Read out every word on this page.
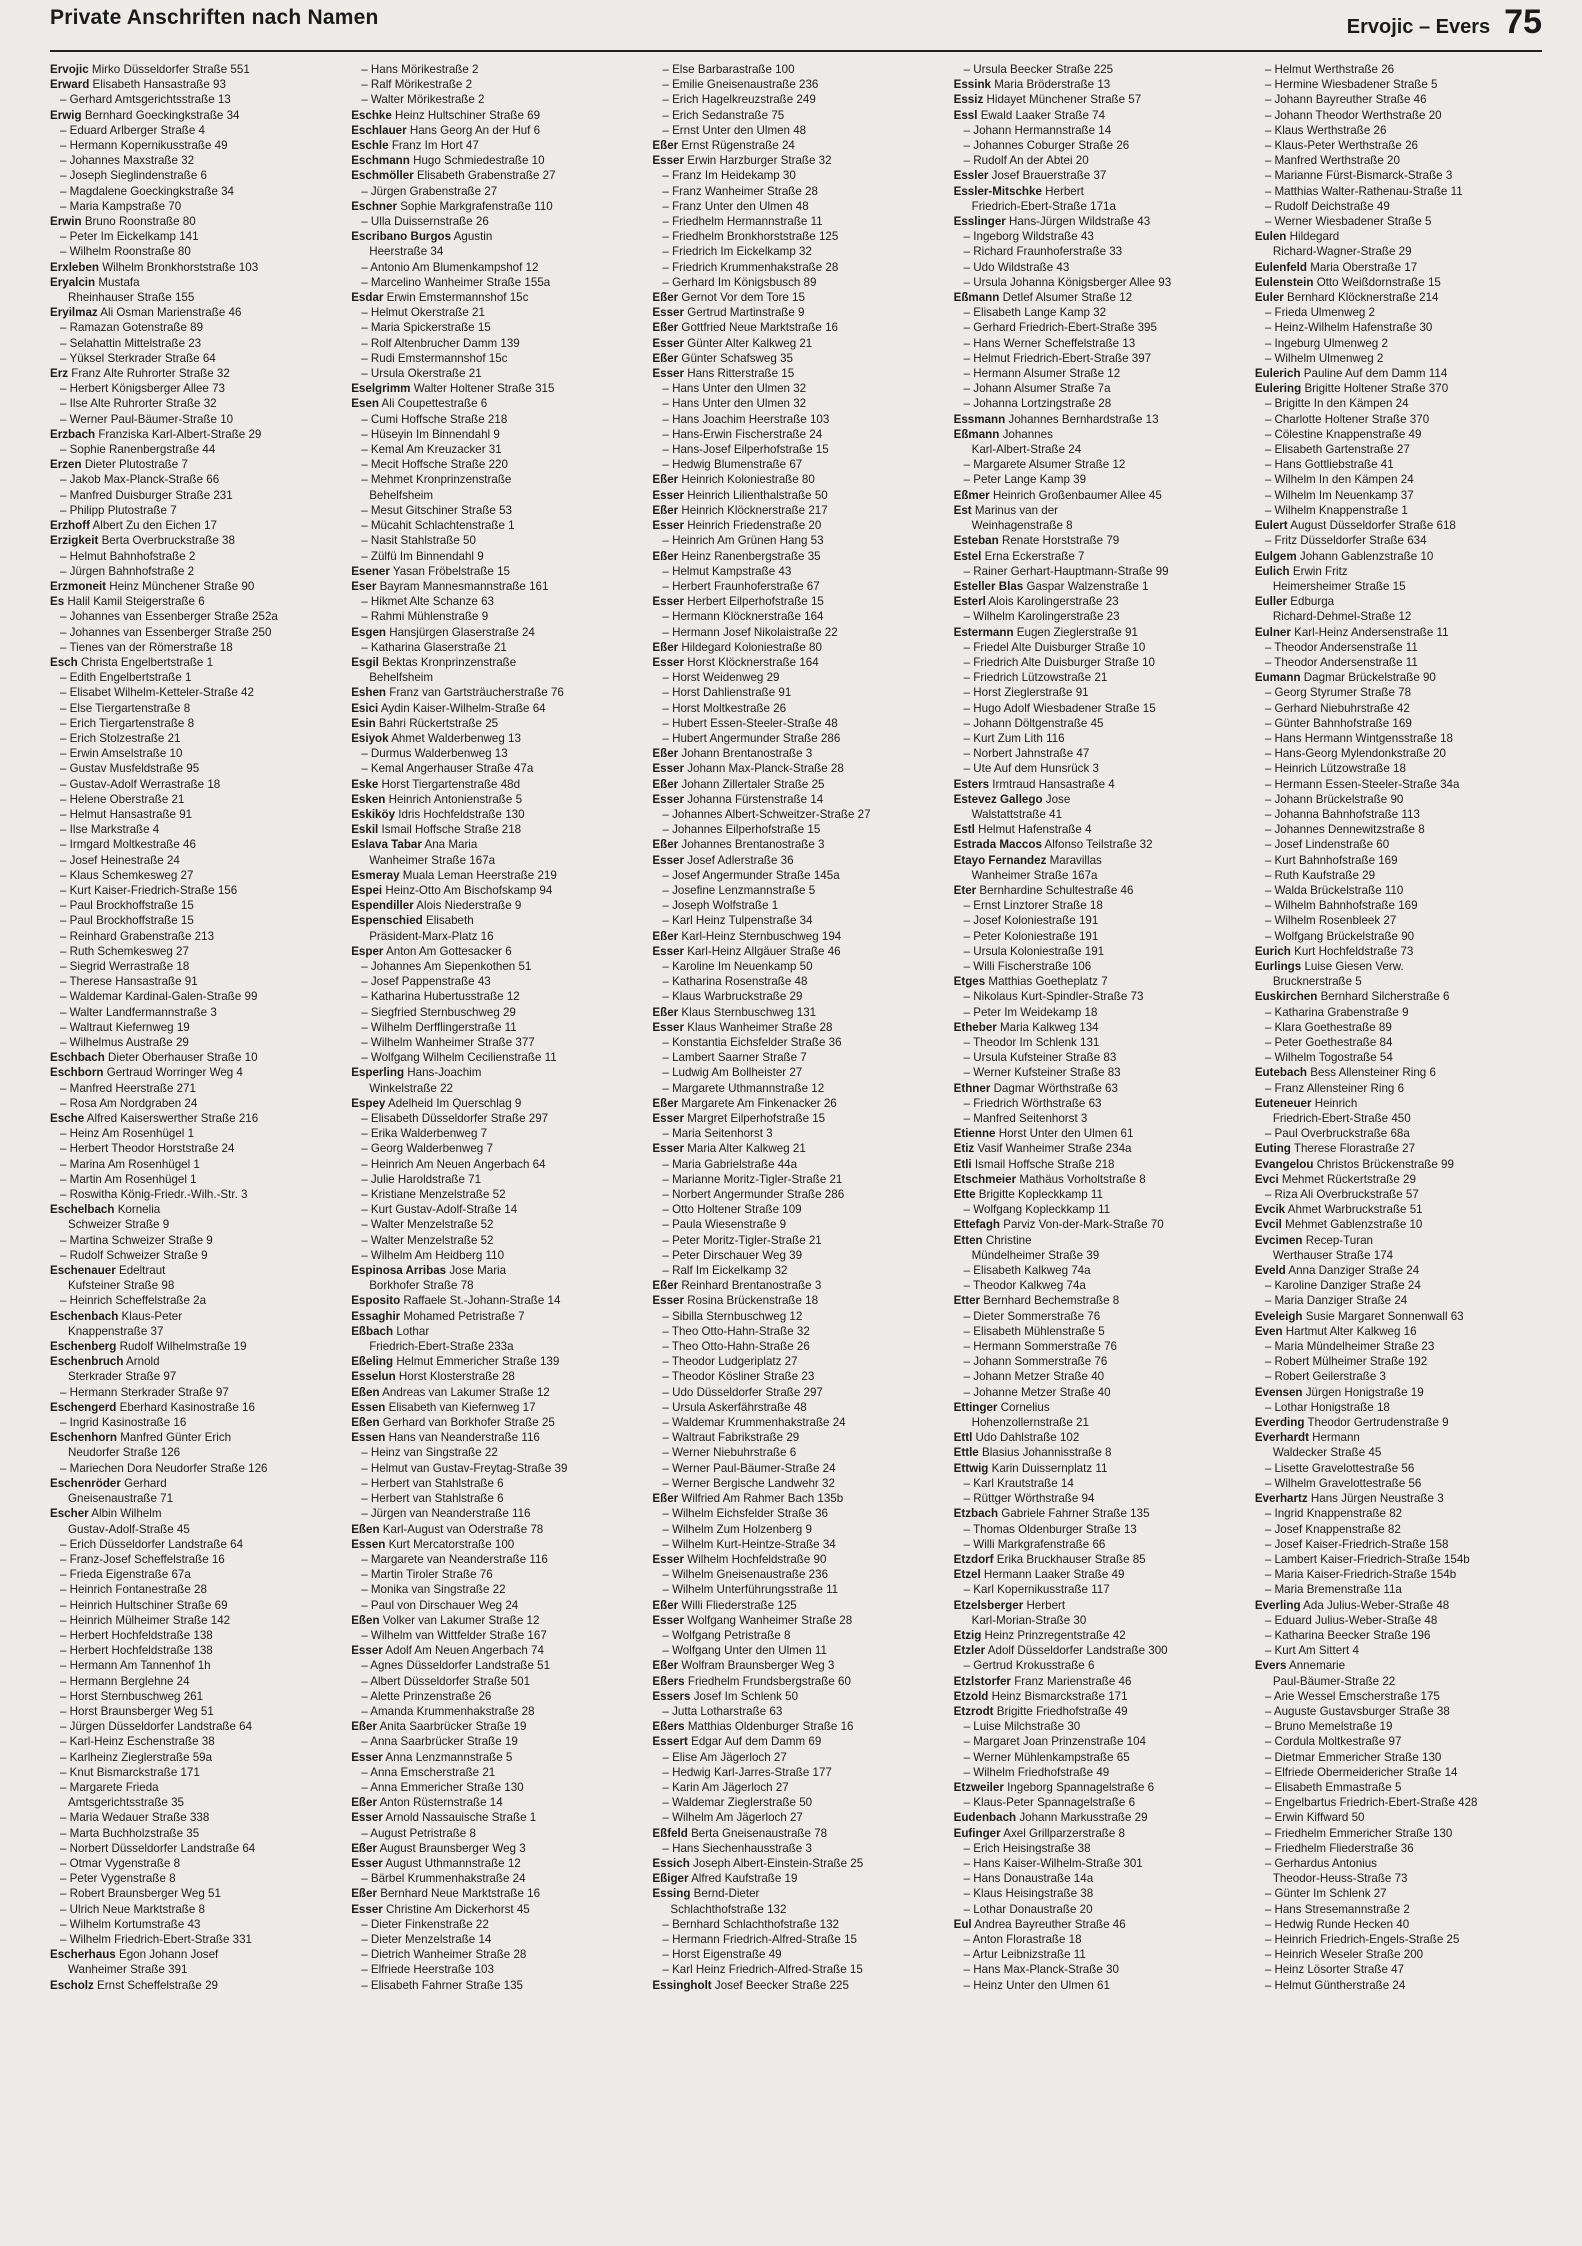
Private Anschriften nach Namen	Ervojic – Evers 75
Ervojic Mirko Düsseldorfer Straße 551
Erward Elisabeth Hansastraße 93
– Gerhard Amtsgerichtsstraße 13
Erwig Bernhard Goeckingkstraße 34
– Eduard Arlberger Straße 4
– Hermann Kopernikusstraße 49
– Johannes Maxstraße 32
– Joseph Sieglindenstraße 6
– Magdalene Goeckingkstraße 34
– Maria Kampstraße 70
Erwin Bruno Roonstraße 80
– Peter Im Eickelkamp 141
– Wilhelm Roonstraße 80
Erxleben Wilhelm Bronkhorststraße 103
Eryalcin Mustafa
Rheinhauser Straße 155
Eryilmaz Ali Osman Marienstraße 46
– Ramazan Gotenstraße 89
– Selahattin Mittelstraße 23
– Yüksel Sterkrader Straße 64
Erz Franz Alte Ruhrorter Straße 32
– Herbert Königsberger Allee 73
– Ilse Alte Ruhrorter Straße 32
– Werner Paul-Bäumer-Straße 10
Erzbach Franziska Karl-Albert-Straße 29
– Sophie Ranenbergstraße 44
Erzen Dieter Plutostraße 7
– Jakob Max-Planck-Straße 66
– Manfred Duisburger Straße 231
– Philipp Plutostraße 7
Erzhoff Albert Zu den Eichen 17
Erzigkeit Berta Overbruckstraße 38
– Helmut Bahnhofstraße 2
– Jürgen Bahnhofstraße 2
Erzmoneit Heinz Münchener Straße 90
Es Halil Kamil Steigerstraße 6
– Johannes van Essenberger Straße 252a
– Johannes van Essenberger Straße 250
– Tienes van der Römerstraße 18
Esch Christa Engelbertstraße 1
– Edith Engelbertstraße 1
– Elisabet Wilhelm-Ketteler-Straße 42
– Else Tiergartenstraße 8
– Erich Tiergartenstraße 8
– Erich Stolzestraße 21
– Erwin Amselstraße 10
– Gustav Musfeldstraße 95
– Gustav-Adolf Werrastraße 18
– Helene Oberstraße 21
– Helmut Hansastraße 91
– Ilse Markstraße 4
– Irmgard Moltkestraße 46
– Josef Heinestraße 24
– Klaus Schemkesweg 27
– Kurt Kaiser-Friedrich-Straße 156
– Paul Brockhoffstraße 15
– Paul Brockhoffstraße 15
– Reinhard Grabenstraße 213
– Ruth Schemkesweg 27
– Siegrid Werrastraße 18
– Therese Hansastraße 91
– Waldemar Kardinal-Galen-Straße 99
– Walter Landfermannstraße 3
– Waltraut Kiefernweg 19
– Wilhelmus Austraße 29
Eschbach Dieter Oberhauser Straße 10
Eschborn Gertraud Worringer Weg 4
– Manfred Heerstraße 271
– Rosa Am Nordgraben 24
Esche Alfred Kaiserswerther Straße 216
– Heinz Am Rosenhügel 1
– Herbert Theodor Horststraße 24
– Marina Am Rosenhügel 1
– Martin Am Rosenhügel 1
– Roswitha König-Friedr.-Wilh.-Str. 3
Eschelbach Kornelia
Schweizer Straße 9
– Martina Schweizer Straße 9
– Rudolf Schweizer Straße 9
Eschenauer Edeltraut
Kufsteiner Straße 98
– Heinrich Scheffelstraße 2a
Eschenbach Klaus-Peter
Knappenstraße 37
Eschenberg Rudolf Wilhelmstraße 19
Eschenbruch Arnold
Sterkrader Straße 97
– Hermann Sterkrader Straße 97
Eschengerd Eberhard Kasinostraße 16
– Ingrid Kasinostraße 16
Eschenhorn Manfred Günter Erich
Neudorfer Straße 126
– Mariechen Dora Neudorfer Straße 126
Eschenröder Gerhard
Gneisenaustraße 71
Escher Albin Wilhelm
Gustav-Adolf-Straße 45
– Erich Düsseldorfer Landstraße 64
– Franz-Josef Scheffelstraße 16
– Frieda Eigenstraße 67a
– Heinrich Fontanestraße 28
– Heinrich Hultschiner Straße 69
– Heinrich Mülheimer Straße 142
– Herbert Hochfeldstraße 138
– Herbert Hochfeldstraße 138
– Hermann Am Tannenhof 1h
– Hermann Berglehne 24
– Horst Sternbuschweg 261
– Horst Braunsberger Weg 51
– Jürgen Düsseldorfer Landstraße 64
– Karl-Heinz Eschenstraße 38
– Karlheinz Zieglerstraße 59a
– Knut Bismarckstraße 171
– Margarete Frieda
Amtsgerichtsstraße 35
– Maria Wedauer Straße 338
– Marta Buchholzstraße 35
– Norbert Düsseldorfer Landstraße 64
– Otmar Vygenstraße 8
– Peter Vygenstraße 8
– Robert Braunsberger Weg 51
– Ulrich Neue Marktstraße 8
– Wilhelm Kortumstraße 43
– Wilhelm Friedrich-Ebert-Straße 331
Escherhaus Egon Johann Josef
Wanheimer Straße 391
Escholz Ernst Scheffelstraße 29
– Hans Mörikestraße 2
– Ralf Mörikestraße 2
– Walter Mörikestraße 2
Eschke Heinz Hultschiner Straße 69
Eschlauer Hans Georg An der Huf 6
Eschle Franz Im Hort 47
Eschmann Hugo Schmiedestraße 10
Eschmöller Elisabeth Grabenstraße 27
– Jürgen Grabenstraße 27
Eschner Sophie Markgrafenstraße 110
– Ulla Duissernstraße 26
Escribano Burgos Agustin
Heerstraße 34
– Antonio Am Blumenkampshof 12
– Marcelino Wanheimer Straße 155a
Esdar Erwin Emstermannshof 15c
– Helmut Okerstraße 21
– Maria Spickerstraße 15
– Rolf Altenbrucher Damm 139
– Rudi Emstermannshof 15c
– Ursula Okerstraße 21
Eselgrimm Walter Holtener Straße 315
Esen Ali Coupettestraße 6
– Cumi Hoffsche Straße 218
– Hüseyin Im Binnendahl 9
– Kemal Am Kreuzacker 31
– Mecit Hoffsche Straße 220
– Mehmet Kronprinzenstraße
Behelfsheim
– Mesut Gitschiner Straße 53
– Mücahit Schlachtenstraße 1
– Nasit Stahlstraße 50
– Zülfü Im Binnendahl 9
Esener Yasan Fröbelstraße 15
Eser Bayram Mannesmannstraße 161
– Hikmet Alte Schanze 63
– Rahmi Mühlenstraße 9
Esgen Hansjürgen Glaserstraße 24
– Katharina Glaserstraße 21
Esgil Bektas Kronprinzenstraße
Behelfsheim
Eshen Franz van Gartsträucherstraße 76
Esici Aydin Kaiser-Wilhelm-Straße 64
Esin Bahri Rückertstraße 25
Esiyok Ahmet Walderbenweg 13
– Durmus Walderbenweg 13
– Kemal Angerhauser Straße 47a
Eske Horst Tiergartenstraße 48d
Esken Heinrich Antonienstraße 5
Eskiköy Idris Hochfeldstraße 130
Eskil Ismail Hoffsche Straße 218
Eslava Tabar Ana Maria
Wanheimer Straße 167a
Esmeray Muala Leman Heerstraße 219
Espei Heinz-Otto Am Bischofskamp 94
Espendiller Alois Niederstraße 9
Espenschied Elisabeth
Präsident-Marx-Platz 16
Esper Anton Am Gottesacker 6
– Johannes Am Siepenkothen 51
– Josef Pappenstraße 43
– Katharina Hubertusstraße 12
– Siegfried Sternbuschweg 29
– Wilhelm Derfflingerstraße 11
– Wilhelm Wanheimer Straße 377
– Wolfgang Wilhelm Cecilienstraße 11
Esperling Hans-Joachim
Winkelstraße 22
Espey Adelheid Im Querschlag 9
– Elisabeth Düsseldorfer Straße 297
– Erika Walderbenweg 7
– Georg Walderbenweg 7
– Heinrich Am Neuen Angerbach 64
– Julie Haroldstraße 71
– Kristiane Menzelstraße 52
– Kurt Gustav-Adolf-Straße 14
– Walter Menzelstraße 52
– Walter Menzelstraße 52
– Wilhelm Am Heidberg 110
Espinosa Arribas Jose Maria
Borkhofer Straße 78
Esposito Raffaele St.-Johann-Straße 14
Essaghir Mohamed Petristraße 7
Eßbach Lothar
Friedrich-Ebert-Straße 233a
Eßeling Helmut Emmericher Straße 139
Esselun Horst Klosterstraße 28
Eßen Andreas van Lakumer Straße 12
Essen Elisabeth van Kiefernweg 17
Eßen Gerhard van Borkhofer Straße 25
Essen Hans van Neanderstraße 116
– Heinz van Singstraße 22
– Helmut van Gustav-Freytag-Straße 39
– Herbert van Stahlstraße 6
– Herbert van Stahlstraße 6
– Jürgen van Neanderstraße 116
Eßen Karl-August van Oderstraße 78
Essen Kurt Mercatorstraße 100
– Margarete van Neanderstraße 116
– Martin Tiroler Straße 76
– Monika van Singstraße 22
– Paul von Dirschauer Weg 24
Eßen Volker van Lakumer Straße 12
– Wilhelm van Wittfelder Straße 167
Esser Adolf Am Neuen Angerbach 74
– Agnes Düsseldorfer Landstraße 51
– Albert Düsseldorfer Straße 501
– Alette Prinzenstraße 26
– Amanda Krummenhakstraße 28
Eßer Anita Saarbrücker Straße 19
– Anna Saarbrücker Straße 19
Esser Anna Lenzmannstraße 5
– Anna Emscherstraße 21
– Anna Emmericher Straße 130
Eßer Anton Rüsternstraße 14
Esser Arnold Nassauische Straße 1
– August Petristraße 8
Eßer August Braunsberger Weg 3
Esser August Uthmannstraße 12
– Bärbel Krummenhakstraße 24
Eßer Bernhard Neue Marktstraße 16
Esser Christine Am Dickerhorst 45
– Dieter Finkenstraße 22
– Dieter Menzelstraße 14
– Dietrich Wanheimer Straße 28
– Elfriede Heerstraße 103
– Elisabeth Fahrner Straße 135
– Else Barbarastraße 100
– Emilie Gneisenaustraße 236
– Erich Hagelkreuzstraße 249
– Erich Sedanstraße 75
– Ernst Unter den Ulmen 48
Eßer Ernst Rügenstraße 24
Esser Erwin Harzburger Straße 32
– Franz Im Heidekamp 30
– Franz Wanheimer Straße 28
– Franz Unter den Ulmen 48
– Friedhelm Hermannstraße 11
– Friedhelm Bronkhorststraße 125
– Friedrich Im Eickelkamp 32
– Friedrich Krummenhakstraße 28
– Gerhard Im Königsbusch 89
Eßer Gernot Vor dem Tore 15
Esser Gertrud Martinstraße 9
Eßer Gottfried Neue Marktstraße 16
Esser Günter Alter Kalkweg 21
Eßer Günter Schafsweg 35
Esser Hans Ritterstraße 15
– Hans Unter den Ulmen 32
– Hans Unter den Ulmen 32
– Hans Joachim Heerstraße 103
– Hans-Erwin Fischerstraße 24
– Hans-Josef Eilperhofstraße 15
– Hedwig Blumenstraße 67
Eßer Heinrich Koloniestraße 80
Esser Heinrich Lilienthalstraße 50
Eßer Heinrich Klöcknerstraße 217
Esser Heinrich Friedenstraße 20
– Heinrich Am Grünen Hang 53
Eßer Heinz Ranenbergstraße 35
– Helmut Kampstraße 43
– Herbert Fraunhoferstraße 67
Esser Herbert Eilperhofstraße 15
– Hermann Klöcknerstraße 164
– Hermann Josef Nikolaistraße 22
Eßer Hildegard Koloniestraße 80
Esser Horst Klöcknerstraße 164
– Horst Weidenweg 29
– Horst Dahlienstraße 91
– Horst Moltkestraße 26
– Hubert Essen-Steeler-Straße 48
– Hubert Angermunder Straße 286
Eßer Johann Brentanostraße 3
Esser Johann Max-Planck-Straße 28
Eßer Johann Zillertaler Straße 25
Esser Johanna Fürstenstraße 14
– Johannes Albert-Schweitzer-Straße 27
– Johannes Eilperhofstraße 15
Eßer Johannes Brentanostraße 3
Esser Josef Adlerstraße 36
– Josef Angermunder Straße 145a
– Josefine Lenzmannstraße 5
– Joseph Wolfstraße 1
– Karl Heinz Tulpenstraße 34
Eßer Karl-Heinz Sternbuschweg 194
Esser Karl-Heinz Allgäuer Straße 46
– Karoline Im Neuenkamp 50
– Katharina Rosenstraße 48
– Klaus Warbruckstraße 29
Eßer Klaus Sternbuschweg 131
Esser Klaus Wanheimer Straße 28
– Konstantia Eichsfelder Straße 36
– Lambert Saarner Straße 7
– Ludwig Am Bollheister 27
– Margarete Uthmannstraße 12
Eßer Margarete Am Finkenacker 26
Esser Margret Eilperhofstraße 15
– Maria Seitenhorst 3
Esser Maria Alter Kalkweg 21
– Maria Gabrielstraße 44a
– Marianne Moritz-Tigler-Straße 21
– Norbert Angermunder Straße 286
– Otto Holtener Straße 109
– Paula Wiesenstraße 9
– Peter Moritz-Tigler-Straße 21
– Peter Dirschauer Weg 39
– Ralf Im Eickelkamp 32
Eßer Reinhard Brentanostraße 3
Esser Rosina Brückenstraße 18
– Sibilla Sternbuschweg 12
– Theo Otto-Hahn-Straße 32
– Theo Otto-Hahn-Straße 26
– Theodor Ludgeriplatz 27
– Theodor Kösliner Straße 23
– Udo Düsseldorfer Straße 297
– Ursula Askerfährstraße 48
– Waldemar Krummenhakstraße 24
– Waltraut Fabrikstraße 29
– Werner Niebuhrstraße 6
– Werner Paul-Bäumer-Straße 24
– Werner Bergische Landwehr 32
Eßer Wilfried Am Rahmer Bach 135b
– Wilhelm Eichsfelder Straße 36
– Wilhelm Zum Holzenberg 9
– Wilhelm Kurt-Heintze-Straße 34
Esser Wilhelm Hochfeldstraße 90
– Wilhelm Gneisenaustraße 236
– Wilhelm Unterführungsstraße 11
Eßer Willi Fliederstraße 125
Esser Wolfgang Wanheimer Straße 28
– Wolfgang Petristraße 8
– Wolfgang Unter den Ulmen 11
Eßer Wolfram Braunsberger Weg 3
Eßers Friedhelm Frundsbergstraße 60
Essers Josef Im Schlenk 50
– Jutta Lotharstraße 63
Eßers Matthias Oldenburger Straße 16
Essert Edgar Auf dem Damm 69
– Elise Am Jägerloch 27
– Hedwig Karl-Jarres-Straße 177
– Karin Am Jägerloch 27
– Waldemar Zieglerstraße 50
– Wilhelm Am Jägerloch 27
Eßfeld Berta Gneisenaustraße 78
– Hans Siechenhausstraße 3
Essich Joseph Albert-Einstein-Straße 25
Eßiger Alfred Kaufstraße 19
Essing Bernd-Dieter
Schlachthofstraße 132
– Bernhard Schlachthofstraße 132
– Hermann Friedrich-Alfred-Straße 15
– Horst Eigenstraße 49
– Karl Heinz Friedrich-Alfred-Straße 15
Essingholt Josef Beecker Straße 225
– Ursula Beecker Straße 225
Essink Maria Bröderstraße 13
Essiz Hidayet Münchener Straße 57
Essl Ewald Laaker Straße 74
– Johann Hermannstraße 14
– Johannes Coburger Straße 26
– Rudolf An der Abtei 20
Essler Josef Brauerstraße 37
Essler-Mitschke Herbert
Friedrich-Ebert-Straße 171a
Esslinger Hans-Jürgen Wildstraße 43
– Ingeborg Wildstraße 43
– Richard Fraunhoferstraße 33
– Udo Wildstraße 43
– Ursula Johanna Königsberger Allee 93
Eßmann Detlef Alsumer Straße 12
– Elisabeth Lange Kamp 32
– Gerhard Friedrich-Ebert-Straße 395
– Hans Werner Scheffelstraße 13
– Helmut Friedrich-Ebert-Straße 397
– Hermann Alsumer Straße 12
– Johann Alsumer Straße 7a
– Johanna Lortzingstraße 28
Essmann Johannes Bernhardstraße 13
Eßmann Johannes
Karl-Albert-Straße 24
– Margarete Alsumer Straße 12
– Peter Lange Kamp 39
Eßmer Heinrich Großenbaumer Allee 45
Est Marinus van der
Weinhagenstraße 8
Esteban Renate Horststraße 79
Estel Erna Eckerstraße 7
– Rainer Gerhart-Hauptmann-Straße 99
Esteller Blas Gaspar Walzenstraße 1
Esterl Alois Karolingerstraße 23
– Wilhelm Karolingerstraße 23
Estermann Eugen Zieglerstraße 91
– Friedel Alte Duisburger Straße 10
– Friedrich Alte Duisburger Straße 10
– Friedrich Lützowstraße 21
– Horst Zieglerstraße 91
– Hugo Adolf Wiesbadener Straße 15
– Johann Döltgenstraße 45
– Kurt Zum Lith 116
– Norbert Jahnstraße 47
– Ute Auf dem Hunsrück 3
Esters Irmtraud Hansastraße 4
Estevez Gallego Jose
Walstattstraße 41
Estl Helmut Hafenstraße 4
Estrada Maccos Alfonso Teilstraße 32
Etayo Fernandez Maravillas
Wanheimer Straße 167a
Eter Bernhardine Schultestraße 46
– Ernst Linztorer Straße 18
– Josef Koloniestraße 191
– Peter Koloniestraße 191
– Ursula Koloniestraße 191
– Willi Fischerstraße 106
Etges Matthias Goetheplatz 7
– Nikolaus Kurt-Spindler-Straße 73
– Peter Im Weidekamp 18
Etheber Maria Kalkweg 134
– Theodor Im Schlenk 131
– Ursula Kufsteiner Straße 83
– Werner Kufsteiner Straße 83
Ethner Dagmar Wörthstraße 63
– Friedrich Wörthstraße 63
– Manfred Seitenhorst 3
Etienne Horst Unter den Ulmen 61
Etiz Vasif Wanheimer Straße 234a
Etli Ismail Hoffsche Straße 218
Etschmeier Mathäus Vorholtstraße 8
Ette Brigitte Kopleckkamp 11
– Wolfgang Kopleckkamp 11
Ettefagh Parviz Von-der-Mark-Straße 70
Etten Christine
Mündelheimer Straße 39
– Elisabeth Kalkweg 74a
– Theodor Kalkweg 74a
Etter Bernhard Bechemstraße 8
– Dieter Sommerstraße 76
– Elisabeth Mühlenstraße 5
– Hermann Sommerstraße 76
– Johann Sommerstraße 76
– Johann Metzer Straße 40
– Johanne Metzer Straße 40
Ettinger Cornelius
Hohenzollernstraße 21
Ettl Udo Dahlstraße 102
Ettle Blasius Johannisstraße 8
Ettwig Karin Duissernplatz 11
– Karl Krautstraße 14
– Rüttger Wörthstraße 94
Etzbach Gabriele Fahrner Straße 135
– Thomas Oldenburger Straße 13
– Willi Markgrafenstraße 66
Etzdorf Erika Bruckhauser Straße 85
Etzel Hermann Laaker Straße 49
– Karl Kopernikusstraße 117
Etzelsberger Herbert
Karl-Morian-Straße 30
Etzig Heinz Prinzregentstraße 42
Etzler Adolf Düsseldorfer Landstraße 300
– Gertrud Krokusstraße 6
Etzlstorfer Franz Marienstraße 46
Etzold Heinz Bismarckstraße 171
Etzrodt Brigitte Friedhofstraße 49
– Luise Milchstraße 30
– Margaret Joan Prinzenstraße 104
– Werner Mühlenkampstraße 65
– Wilhelm Friedhofstraße 49
Etzweiler Ingeborg Spannagelstraße 6
– Klaus-Peter Spannagelstraße 6
Eudenbach Johann Markusstraße 29
Eufinger Axel Grillparzerstraße 8
– Erich Heisingstraße 38
– Hans Kaiser-Wilhelm-Straße 301
– Hans Donaustraße 14a
– Klaus Heisingstraße 38
– Lothar Donaustraße 20
Eul Andrea Bayreuther Straße 46
– Anton Florastraße 18
– Artur Leibnizstraße 11
– Hans Max-Planck-Straße 30
– Heinz Unter den Ulmen 61
– Helmut Werthstraße 26
– Hermine Wiesbadener Straße 5
– Johann Bayreuther Straße 46
– Johann Theodor Werthstraße 20
– Klaus Werthstraße 26
– Klaus-Peter Werthstraße 26
– Manfred Werthstraße 20
– Marianne Fürst-Bismarck-Straße 3
– Matthias Walter-Rathenau-Straße 11
– Rudolf Deichstraße 49
– Werner Wiesbadener Straße 5
Eulen Hildegard
Richard-Wagner-Straße 29
Eulenfeld Maria Oberstraße 17
Eulenstein Otto Weißdornstraße 15
Euler Bernhard Klöcknerstraße 214
– Frieda Ulmenweg 2
– Heinz-Wilhelm Hafenstraße 30
– Ingeburg Ulmenweg 2
– Wilhelm Ulmenweg 2
Eulerich Pauline Auf dem Damm 114
Eulering Brigitte Holtener Straße 370
– Brigitte In den Kämpen 24
– Charlotte Holtener Straße 370
– Cölestine Knappenstraße 49
– Elisabeth Gartenstraße 27
– Hans Gottliebstraße 41
– Wilhelm In den Kämpen 24
– Wilhelm Im Neuenkamp 37
– Wilhelm Knappenstraße 1
Eulert August Düsseldorfer Straße 618
– Fritz Düsseldorfer Straße 634
Eulgem Johann Gablenzstraße 10
Eulich Erwin Fritz
Heimersheimer Straße 15
Euller Edburga
Richard-Dehmel-Straße 12
Eulner Karl-Heinz Andersenstraße 11
– Theodor Andersenstraße 11
– Theodor Andersenstraße 11
Eumann Dagmar Brückelstraße 90
– Georg Styrumer Straße 78
– Gerhard Niebuhrstraße 42
– Günter Bahnhofstraße 169
– Hans Hermann Wintgensstraße 18
– Hans-Georg Mylendonkstraße 20
– Heinrich Lützowstraße 18
– Hermann Essen-Steeler-Straße 34a
– Johann Brückelstraße 90
– Johanna Bahnhofstraße 113
– Johannes Dennewitzstraße 8
– Josef Lindenstraße 60
– Kurt Bahnhofstraße 169
– Ruth Kaufstraße 29
– Walda Brückelstraße 110
– Wilhelm Bahnhofstraße 169
– Wilhelm Rosenbleek 27
– Wolfgang Brückelstraße 90
Eurich Kurt Hochfeldstraße 73
Eurlings Luise Giesen Verw.
Brucknerstraße 5
Euskirchen Bernhard Silcherstraße 6
– Katharina Grabenstraße 9
– Klara Goethestraße 89
– Peter Goethestraße 84
– Wilhelm Togostraße 54
Eutebach Bess Allensteiner Ring 6
– Franz Allensteiner Ring 6
Euteneuer Heinrich
Friedrich-Ebert-Straße 450
– Paul Overbruckstraße 68a
Euting Therese Florastraße 27
Evangelou Christos Brückenstraße 99
Evci Mehmet Rückertstraße 29
– Riza Ali Overbruckstraße 57
Evcik Ahmet Warbruckstraße 51
Evcil Mehmet Gablenzstraße 10
Evcimen Recep-Turan
Werthauser Straße 174
Eveld Anna Danziger Straße 24
– Karoline Danziger Straße 24
– Maria Danziger Straße 24
Eveleigh Susie Margaret Sonnenwall 63
Even Hartmut Alter Kalkweg 16
– Maria Mündelheimer Straße 23
– Robert Mülheimer Straße 192
– Robert Geilerstraße 3
Evensen Jürgen Honigstraße 19
– Lothar Honigstraße 18
Everding Theodor Gertrudenstraße 9
Everhardt Hermann
Waldecker Straße 45
– Lisette Gravelottestraße 56
– Wilhelm Gravelottestraße 56
Everhartz Hans Jürgen Neustraße 3
– Ingrid Knappenstraße 82
– Josef Knappenstraße 82
– Josef Kaiser-Friedrich-Straße 158
– Lambert Kaiser-Friedrich-Straße 154b
– Maria Kaiser-Friedrich-Straße 154b
– Maria Bremenstraße 11a
Everling Ada Julius-Weber-Straße 48
– Eduard Julius-Weber-Straße 48
– Katharina Beecker Straße 196
– Kurt Am Sittert 4
Evers Annemarie
Paul-Bäumer-Straße 22
– Arie Wessel Emscherstraße 175
– Auguste Gustavsburger Straße 38
– Bruno Memelstraße 19
– Cordula Moltkestraße 97
– Dietmar Emmericher Straße 130
– Elfriede Obermeidericher Straße 14
– Elisabeth Emmastraße 5
– Engelbartus Friedrich-Ebert-Straße 428
– Erwin Kiffward 50
– Friedhelm Emmericher Straße 130
– Friedhelm Fliederstraße 36
– Gerhardus Antonius
Theodor-Heuss-Straße 73
– Günter Im Schlenk 27
– Hans Stresemannstraße 2
– Hedwig Runde Hecken 40
– Heinrich Friedrich-Engels-Straße 25
– Heinrich Weseler Straße 200
– Heinz Lösorter Straße 47
– Helmut Güntherstraße 24
